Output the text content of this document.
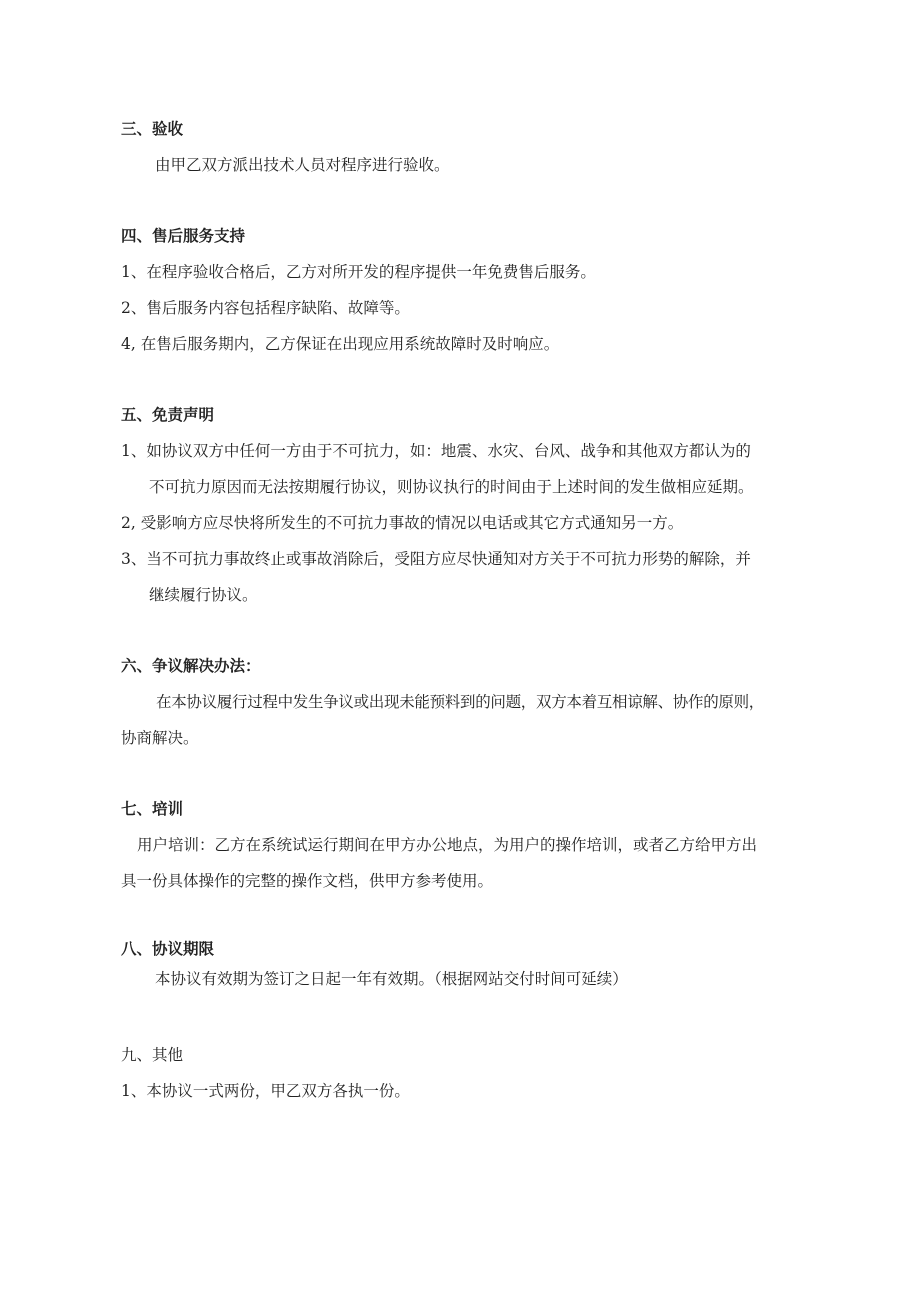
三、验收
由甲乙双方派出技术人员对程序进行验收。
四、售后服务支持
1、在程序验收合格后，乙方对所开发的程序提供一年免费售后服务。
2、售后服务内容包括程序缺陷、故障等。
4, 在售后服务期内，乙方保证在出现应用系统故障时及时响应。
五、免责声明
1、如协议双方中任何一方由于不可抗力，如：地震、水灾、台风、战争和其他双方都认为的
不可抗力原因而无法按期履行协议，则协议执行的时间由于上述时间的发生做相应延期。
2, 受影响方应尽快将所发生的不可抗力事故的情况以电话或其它方式通知另一方。
3、当不可抗力事故终止或事故消除后，受阻方应尽快通知对方关于不可抗力形势的解除，并
继续履行协议。
六、争议解决办法：
在本协议履行过程中发生争议或出现未能预料到的问题，双方本着互相谅解、协作的原则，
协商解决。
七、培训
用户培训：乙方在系统试运行期间在甲方办公地点，为用户的操作培训，或者乙方给甲方出
具一份具体操作的完整的操作文档，供甲方参考使用。
八、协议期限
本协议有效期为签订之日起一年有效期。（根据网站交付时间可延续）
九、其他
1、本协议一式两份，甲乙双方各执一份。
